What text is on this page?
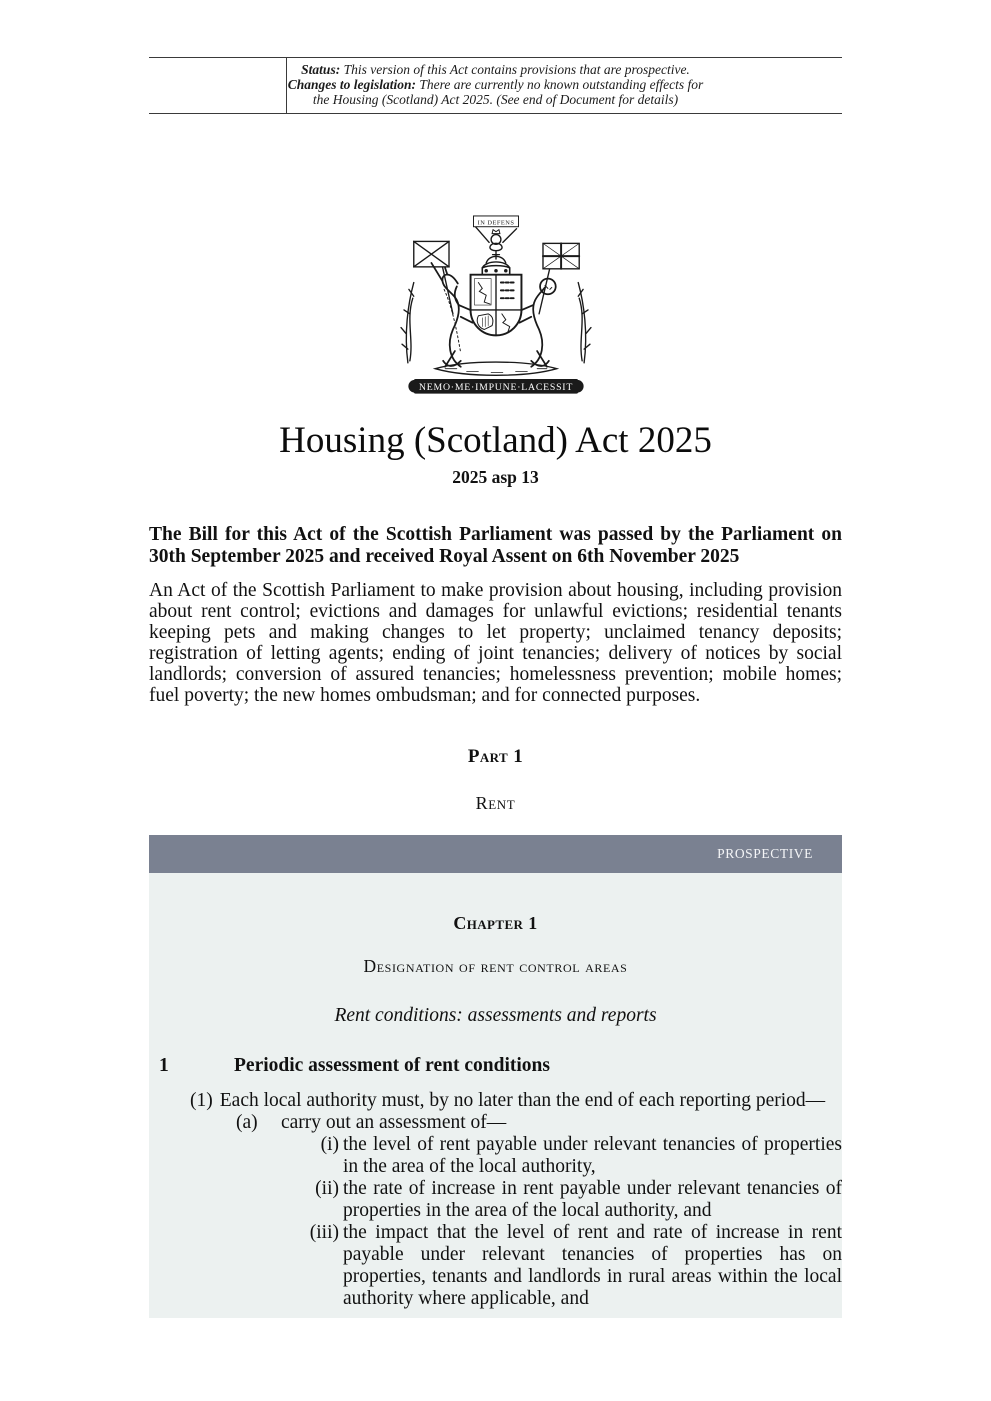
Status: This version of this Act contains provisions that are prospective.
Changes to legislation: There are currently no known outstanding effects for the Housing (Scotland) Act 2025. (See end of Document for details)
IN DEFENS
NEMO·ME·IMPUNE·LACESSIT
Housing (Scotland) Act 2025
2025 asp 13

The Bill for this Act of the Scottish Parliament was passed by the Parliament on 30th September 2025 and received Royal Assent on 6th November 2025

An Act of the Scottish Parliament to make provision about housing, including provision about rent control; evictions and damages for unlawful evictions; residential tenants keeping pets and making changes to let property; unclaimed tenancy deposits; registration of letting agents; ending of joint tenancies; delivery of notices by social landlords; conversion of assured tenancies; homelessness prevention; mobile homes; fuel poverty; the new homes ombudsman; and for connected purposes.

Part 1
Rent
PROSPECTIVE
Chapter 1
Designation of rent control areas
Rent conditions: assessments and reports
1	Periodic assessment of rent conditions
(1) Each local authority must, by no later than the end of each reporting period—
(a)	carry out an assessment of—
(i) the level of rent payable under relevant tenancies of properties in the area of the local authority,
(ii) the rate of increase in rent payable under relevant tenancies of properties in the area of the local authority, and
(iii) the impact that the level of rent and rate of increase in rent payable under relevant tenancies of properties has on properties, tenants and landlords in rural areas within the local authority where applicable, and
